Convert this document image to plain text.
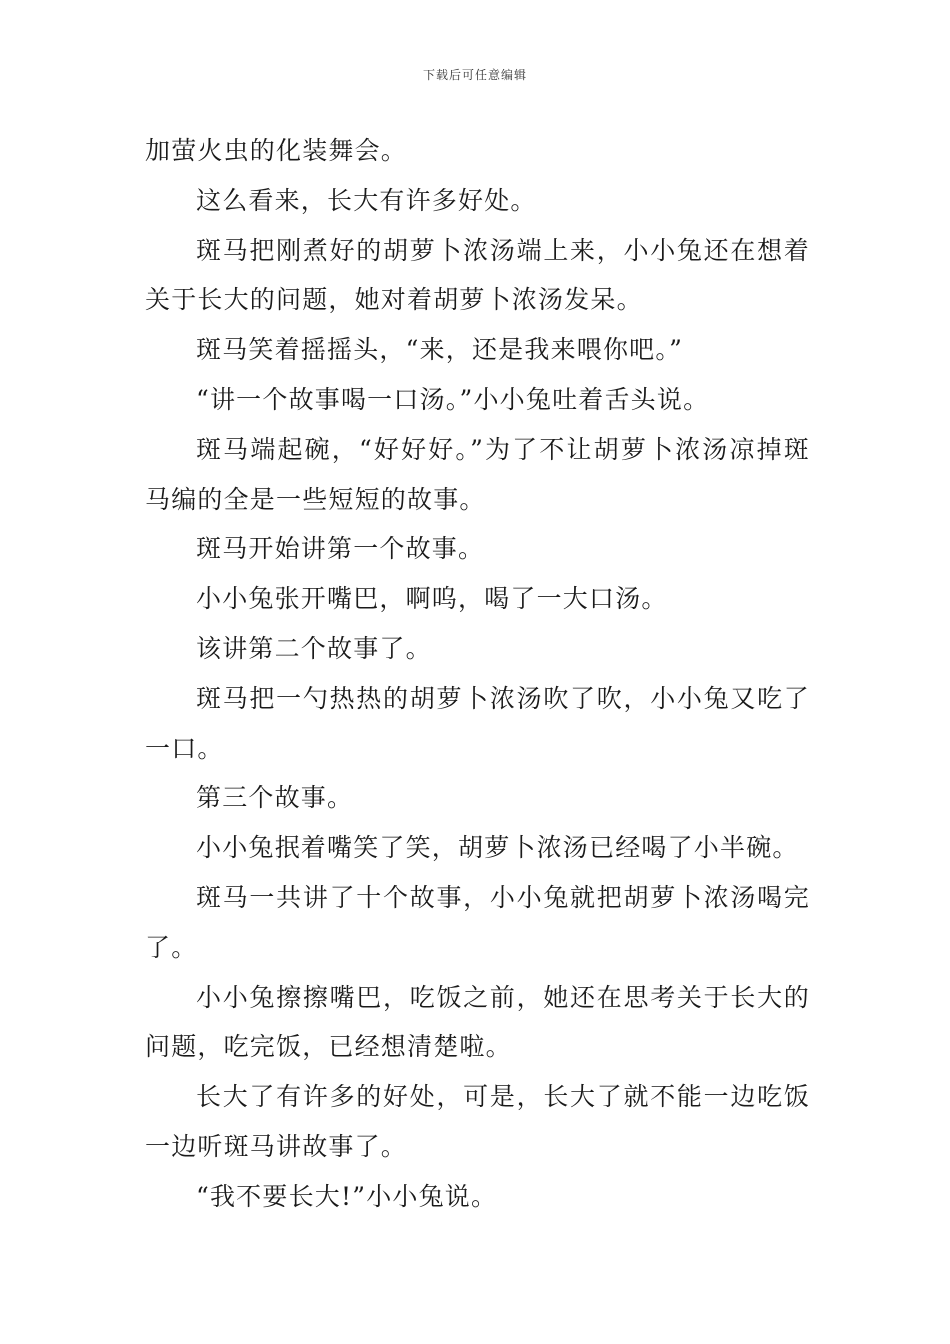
下载后可任意编辑

加萤火虫的化装舞会。

这么看来，长大有许多好处。

斑马把刚煮好的胡萝卜浓汤端上来，小小兔还在想着关于长大的问题，她对着胡萝卜浓汤发呆。

斑马笑着摇摇头，“来，还是我来喂你吧。”

“讲一个故事喝一口汤。”小小兔吐着舌头说。

斑马端起碗，“好好好。”为了不让胡萝卜浓汤凉掉斑马编的全是一些短短的故事。

斑马开始讲第一个故事。

小小兔张开嘴巴，啊呜，喝了一大口汤。

该讲第二个故事了。

斑马把一勺热热的胡萝卜浓汤吹了吹，小小兔又吃了一口。

第三个故事。

小小兔抿着嘴笑了笑，胡萝卜浓汤已经喝了小半碗。

斑马一共讲了十个故事，小小兔就把胡萝卜浓汤喝完了。

小小兔擦擦嘴巴，吃饭之前，她还在思考关于长大的问题，吃完饭，已经想清楚啦。

长大了有许多的好处，可是，长大了就不能一边吃饭一边听斑马讲故事了。

“我不要长大!”小小兔说。
